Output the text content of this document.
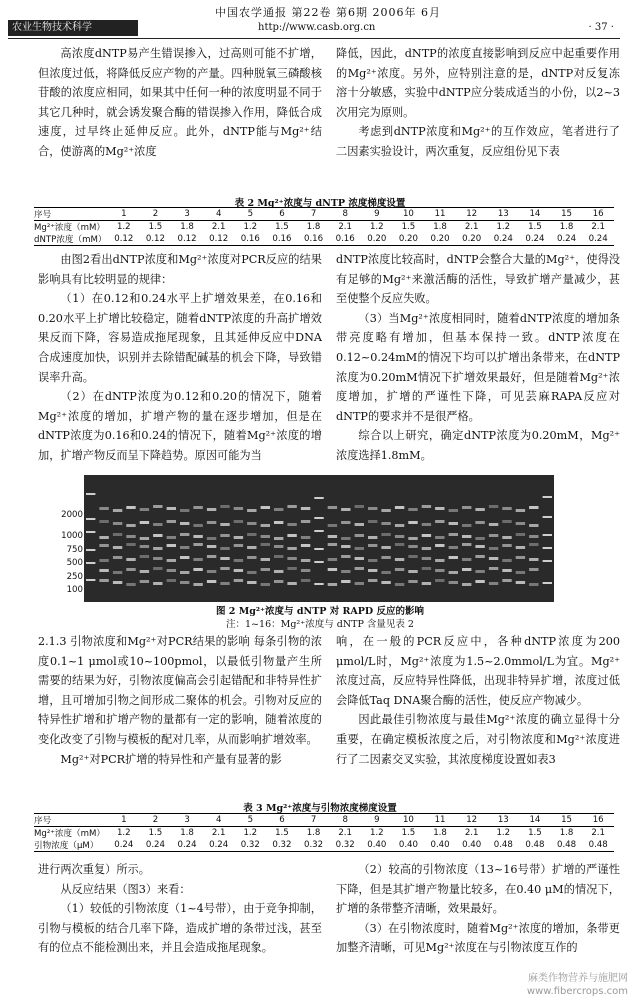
中国农学通报 第22卷 第6期 2006年 6月
农业生物技术科学	http://www.casb.org.cn	· 37 ·

高浓度dNTP易产生错误掺入，过高则可能不扩增，但浓度过低，将降低反应产物的产量。四种脱氧三磷酸核苷酸的浓度应相同，如果其中任何一种的浓度明显不同于其它几种时，就会诱发聚合酶的错误掺入作用，降低合成速度，过早终止延伸反应。此外，dNTP能与Mg²⁺结合，使游离的Mg²⁺浓度

降低，因此，dNTP的浓度直接影响到反应中起重要作用的Mg²⁺浓度。另外，应特别注意的是，dNTP对反复冻溶十分敏感，实验中dNTP应分装成适当的小份，以2~3次用完为原则。

考虑到dNTP浓度和Mg²⁺的互作效应，笔者进行了二因素实验设计，两次重复，反应组份见下表

表 2 Mg²⁺浓度与 dNTP 浓度梯度设置
序号	1	2	3	4	5	6	7	8	9	10	11	12	13	14	15	16
Mg²⁺浓度（mM）	1.2	1.5	1.8	2.1	1.2	1.5	1.8	2.1	1.2	1.5	1.8	2.1	1.2	1.5	1.8	2.1
dNTP浓度（mM）	0.12	0.12	0.12	0.12	0.16	0.16	0.16	0.16	0.20	0.20	0.20	0.20	0.24	0.24	0.24	0.24

由图2看出dNTP浓度和Mg²⁺浓度对PCR反应的结果影响具有比较明显的规律：

（1）在0.12和0.24水平上扩增效果差，在0.16和0.20水平上扩增比较稳定，随着dNTP浓度的升高扩增效果反而下降，容易造成拖尾现象，且其延伸反应中DNA合成速度加快，识别并去除错配碱基的机会下降，导致错误率升高。

（2）在dNTP浓度为0.12和0.20的情况下，随着Mg²⁺浓度的增加，扩增产物的量在逐步增加，但是在dNTP浓度为0.16和0.24的情况下，随着Mg²⁺浓度的增加，扩增产物反而呈下降趋势。原因可能为当

dNTP浓度比较高时，dNTP会整合大量的Mg²⁺，使得没有足够的Mg²⁺来激活酶的活性，导致扩增产量减少，甚至使整个反应失败。

（3）当Mg²⁺浓度相同时，随着dNTP浓度的增加条带亮度略有增加，但基本保持一致。dNTP浓度在0.12~0.24mM的情况下均可以扩增出条带来，在dNTP浓度为0.20mM情况下扩增效果最好，但是随着Mg²⁺浓度增加，扩增的严谨性下降，可见芸麻RAPA反应对dNTP的要求并不是很严格。

综合以上研究，确定dNTP浓度为0.20mM，Mg²⁺浓度选择1.8mM。

2000
1000
750
500
250
100
图 2 Mg²⁺浓度与 dNTP 对 RAPD 反应的影响
注：1~16：Mg²⁺浓度与 dNTP 含量见表 2

2.1.3 引物浓度和Mg²⁺对PCR结果的影响 每条引物的浓度0.1~1 μmol或10~100pmol，以最低引物量产生所需要的结果为好，引物浓度偏高会引起错配和非特异性扩增，且可增加引物之间形成二聚体的机会。引物对反应的特异性扩增和扩增产物的量都有一定的影响，随着浓度的变化改变了引物与模板的配对几率，从而影响扩增效率。

Mg²⁺对PCR扩增的特异性和产量有显著的影

响，在一般的PCR反应中，各种dNTP浓度为200 μmol/L时，Mg²⁺浓度为1.5~2.0mmol/L为宜。Mg²⁺浓度过高，反应特异性降低，出现非特异扩增，浓度过低会降低Taq DNA聚合酶的活性，使反应产物减少。

因此最佳引物浓度与最佳Mg²⁺浓度的确立显得十分重要，在确定模板浓度之后，对引物浓度和Mg²⁺浓度进行了二因素交叉实验，其浓度梯度设置如表3

表 3 Mg²⁺浓度与引物浓度梯度设置
序号	1	2	3	4	5	6	7	8	9	10	11	12	13	14	15	16
Mg²⁺浓度（mM）	1.2	1.5	1.8	2.1	1.2	1.5	1.8	2.1	1.2	1.5	1.8	2.1	1.2	1.5	1.8	2.1
引物浓度（μM）	0.24	0.24	0.24	0.24	0.32	0.32	0.32	0.32	0.40	0.40	0.40	0.40	0.48	0.48	0.48	0.48

进行两次重复）所示。

从反应结果（图3）来看：

（1）较低的引物浓度（1~4号带），由于竞争抑制，引物与模板的结合几率下降，造成扩增的条带过浅，甚至有的位点不能检测出来，并且会造成拖尾现象。

（2）较高的引物浓度（13~16号带）扩增的严谨性下降，但是其扩增产物量比较多，在0.40 μM的情况下，扩增的条带整齐清晰，效果最好。

（3）在引物浓度时，随着Mg²⁺浓度的增加，条带更加整齐清晰，可见Mg²⁺浓度在与引物浓度互作的

麻类作物营养与施肥网
www.fibercrops.com
